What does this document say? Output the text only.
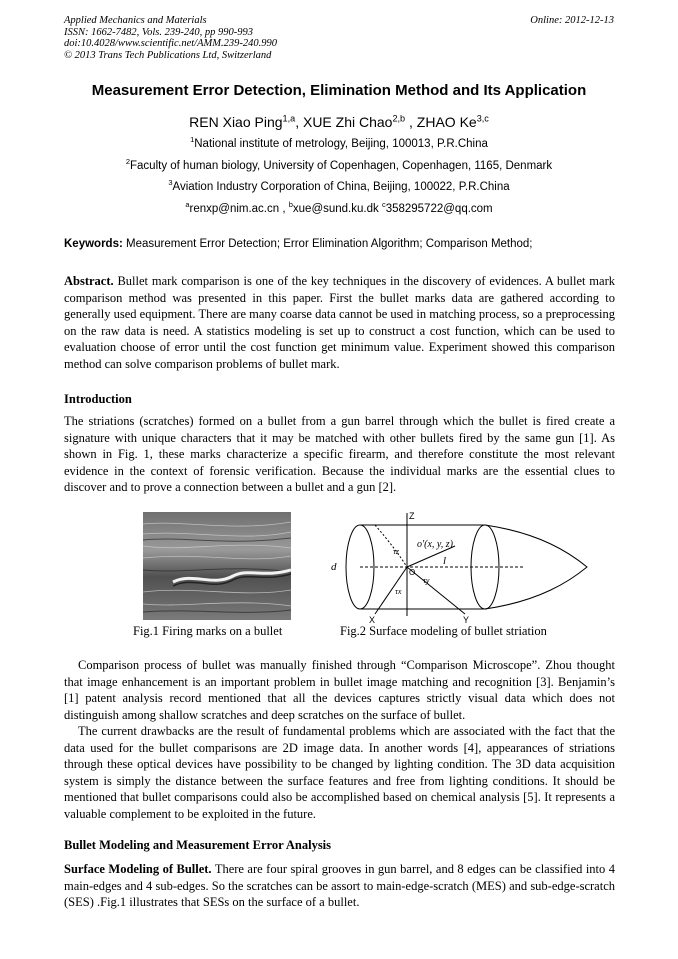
Applied Mechanics and Materials
ISSN: 1662-7482, Vols. 239-240, pp 990-993
doi:10.4028/www.scientific.net/AMM.239-240.990
© 2013 Trans Tech Publications Ltd, Switzerland
Online: 2012-12-13
Measurement Error Detection, Elimination Method and Its Application
REN Xiao Ping$^{1,a}$, XUE Zhi Chao$^{2,b}$ , ZHAO Ke$^{3,c}$
$^1$National institute of metrology, Beijing, 100013, P.R.China
$^2$Faculty of human biology, University of Copenhagen, Copenhagen, 1165, Denmark
$^3$Aviation Industry Corporation of China, Beijing, 100022, P.R.China
$^a$renxp@nim.ac.cn , $^b$xue@sund.ku.dk $^c$358295722@qq.com
Keywords: Measurement Error Detection; Error Elimination Algorithm; Comparison Method;
Abstract. Bullet mark comparison is one of the key techniques in the discovery of evidences. A bullet mark comparison method was presented in this paper. First the bullet marks data are gathered according to generally used equipment. There are many coarse data cannot be used in matching process, so a preprocessing on the raw data is need. A statistics modeling is set up to construct a cost function, which can be used to evaluation choose of error until the cost function get minimum value. Experiment showed this comparison method can solve comparison problems of bullet mark.
Introduction
The striations (scratches) formed on a bullet from a gun barrel through which the bullet is fired create a signature with unique characters that it may be matched with other bullets fired by the same gun [1]. As shown in Fig. 1, these marks characterize a specific firearm, and therefore constitute the most relevant evidence in the context of forensic verification. Because the individual marks are the essential clues to discover and to prove a connection between a bullet and a gun [2].
Z
X	Y
d	l
O
o'(x, y, z)
τz
τy
τx
Fig.1 Firing marks on a bullet	Fig.2 Surface modeling of bullet striation
Comparison process of bullet was manually finished through “Comparison Microscope”. Zhou thought that image enhancement is an important problem in bullet image matching and recognition [3]. Benjamin’s [1] patent analysis record mentioned that all the devices captures strictly visual data which does not distinguish among shallow scratches and deep scratches on the surface of bullet.
The current drawbacks are the result of fundamental problems which are associated with the fact that the data used for the bullet comparisons are 2D image data. In another words [4], appearances of striations through these optical devices have possibility to be changed by lighting condition. The 3D data acquisition system is simply the distance between the surface features and free from lighting conditions. It should be mentioned that bullet comparisons could also be accomplished based on chemical analysis [5]. It represents a valuable complement to be exploited in the future.
Bullet Modeling and Measurement Error Analysis
Surface Modeling of Bullet. There are four spiral grooves in gun barrel, and 8 edges can be classified into 4 main-edges and 4 sub-edges. So the scratches can be assort to main-edge-scratch (MES) and sub-edge-scratch (SES) .Fig.1 illustrates that SESs on the surface of a bullet.
